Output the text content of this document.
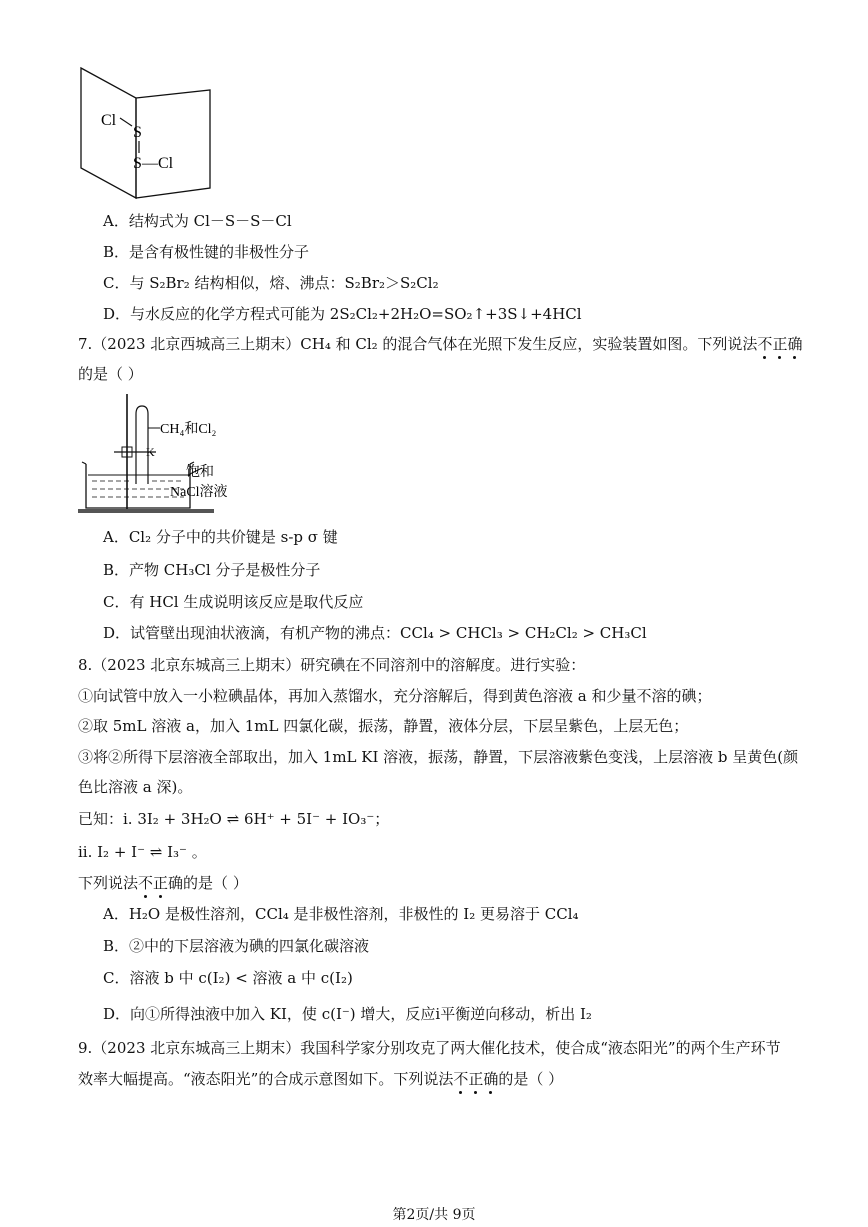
Cl
S
S —Cl
A．结构式为 Cl－S－S－Cl
B．是含有极性键的非极性分子
C．与 S₂Br₂ 结构相似，熔、沸点：S₂Br₂＞S₂Cl₂
D．与水反应的化学方程式可能为 2S₂Cl₂+2H₂O=SO₂↑+3S↓+4HCl
7.（2023 北京西城高三上期末）CH₄ 和 Cl₂ 的混合气体在光照下发生反应，实验装置如图。下列说法不正确
的是（ ）
K
CH₄和Cl₂
饱和
NaCl溶液
A．Cl₂ 分子中的共价键是 s-p σ 键
B．产物 CH₃Cl 分子是极性分子
C．有 HCl 生成说明该反应是取代反应
D．试管壁出现油状液滴，有机产物的沸点：CCl₄ > CHCl₃ > CH₂Cl₂ > CH₃Cl
8.（2023 北京东城高三上期末）研究碘在不同溶剂中的溶解度。进行实验：
①向试管中放入一小粒碘晶体，再加入蒸馏水，充分溶解后，得到黄色溶液 a 和少量不溶的碘；
②取 5mL 溶液 a，加入 1mL 四氯化碳，振荡，静置，液体分层，下层呈紫色，上层无色；
③将②所得下层溶液全部取出，加入 1mL KI 溶液，振荡，静置，下层溶液紫色变浅，上层溶液 b 呈黄色(颜
色比溶液 a 深)。
已知：i. 3I₂ + 3H₂O ⇌ 6H⁺ + 5I⁻ + IO₃⁻；
ii. I₂ + I⁻ ⇌ I₃⁻ 。
下列说法不正确的是（ ）
A．H₂O 是极性溶剂，CCl₄ 是非极性溶剂，非极性的 I₂ 更易溶于 CCl₄
B．②中的下层溶液为碘的四氯化碳溶液
C．溶液 b 中 c(I₂) < 溶液 a 中 c(I₂)
D．向①所得浊液中加入 KI，使 c(I⁻) 增大，反应i平衡逆向移动，析出 I₂
9.（2023 北京东城高三上期末）我国科学家分别攻克了两大催化技术，使合成“液态阳光”的两个生产环节
效率大幅提高。“液态阳光”的合成示意图如下。下列说法不正确的是（ ）
第2页/共 9页
